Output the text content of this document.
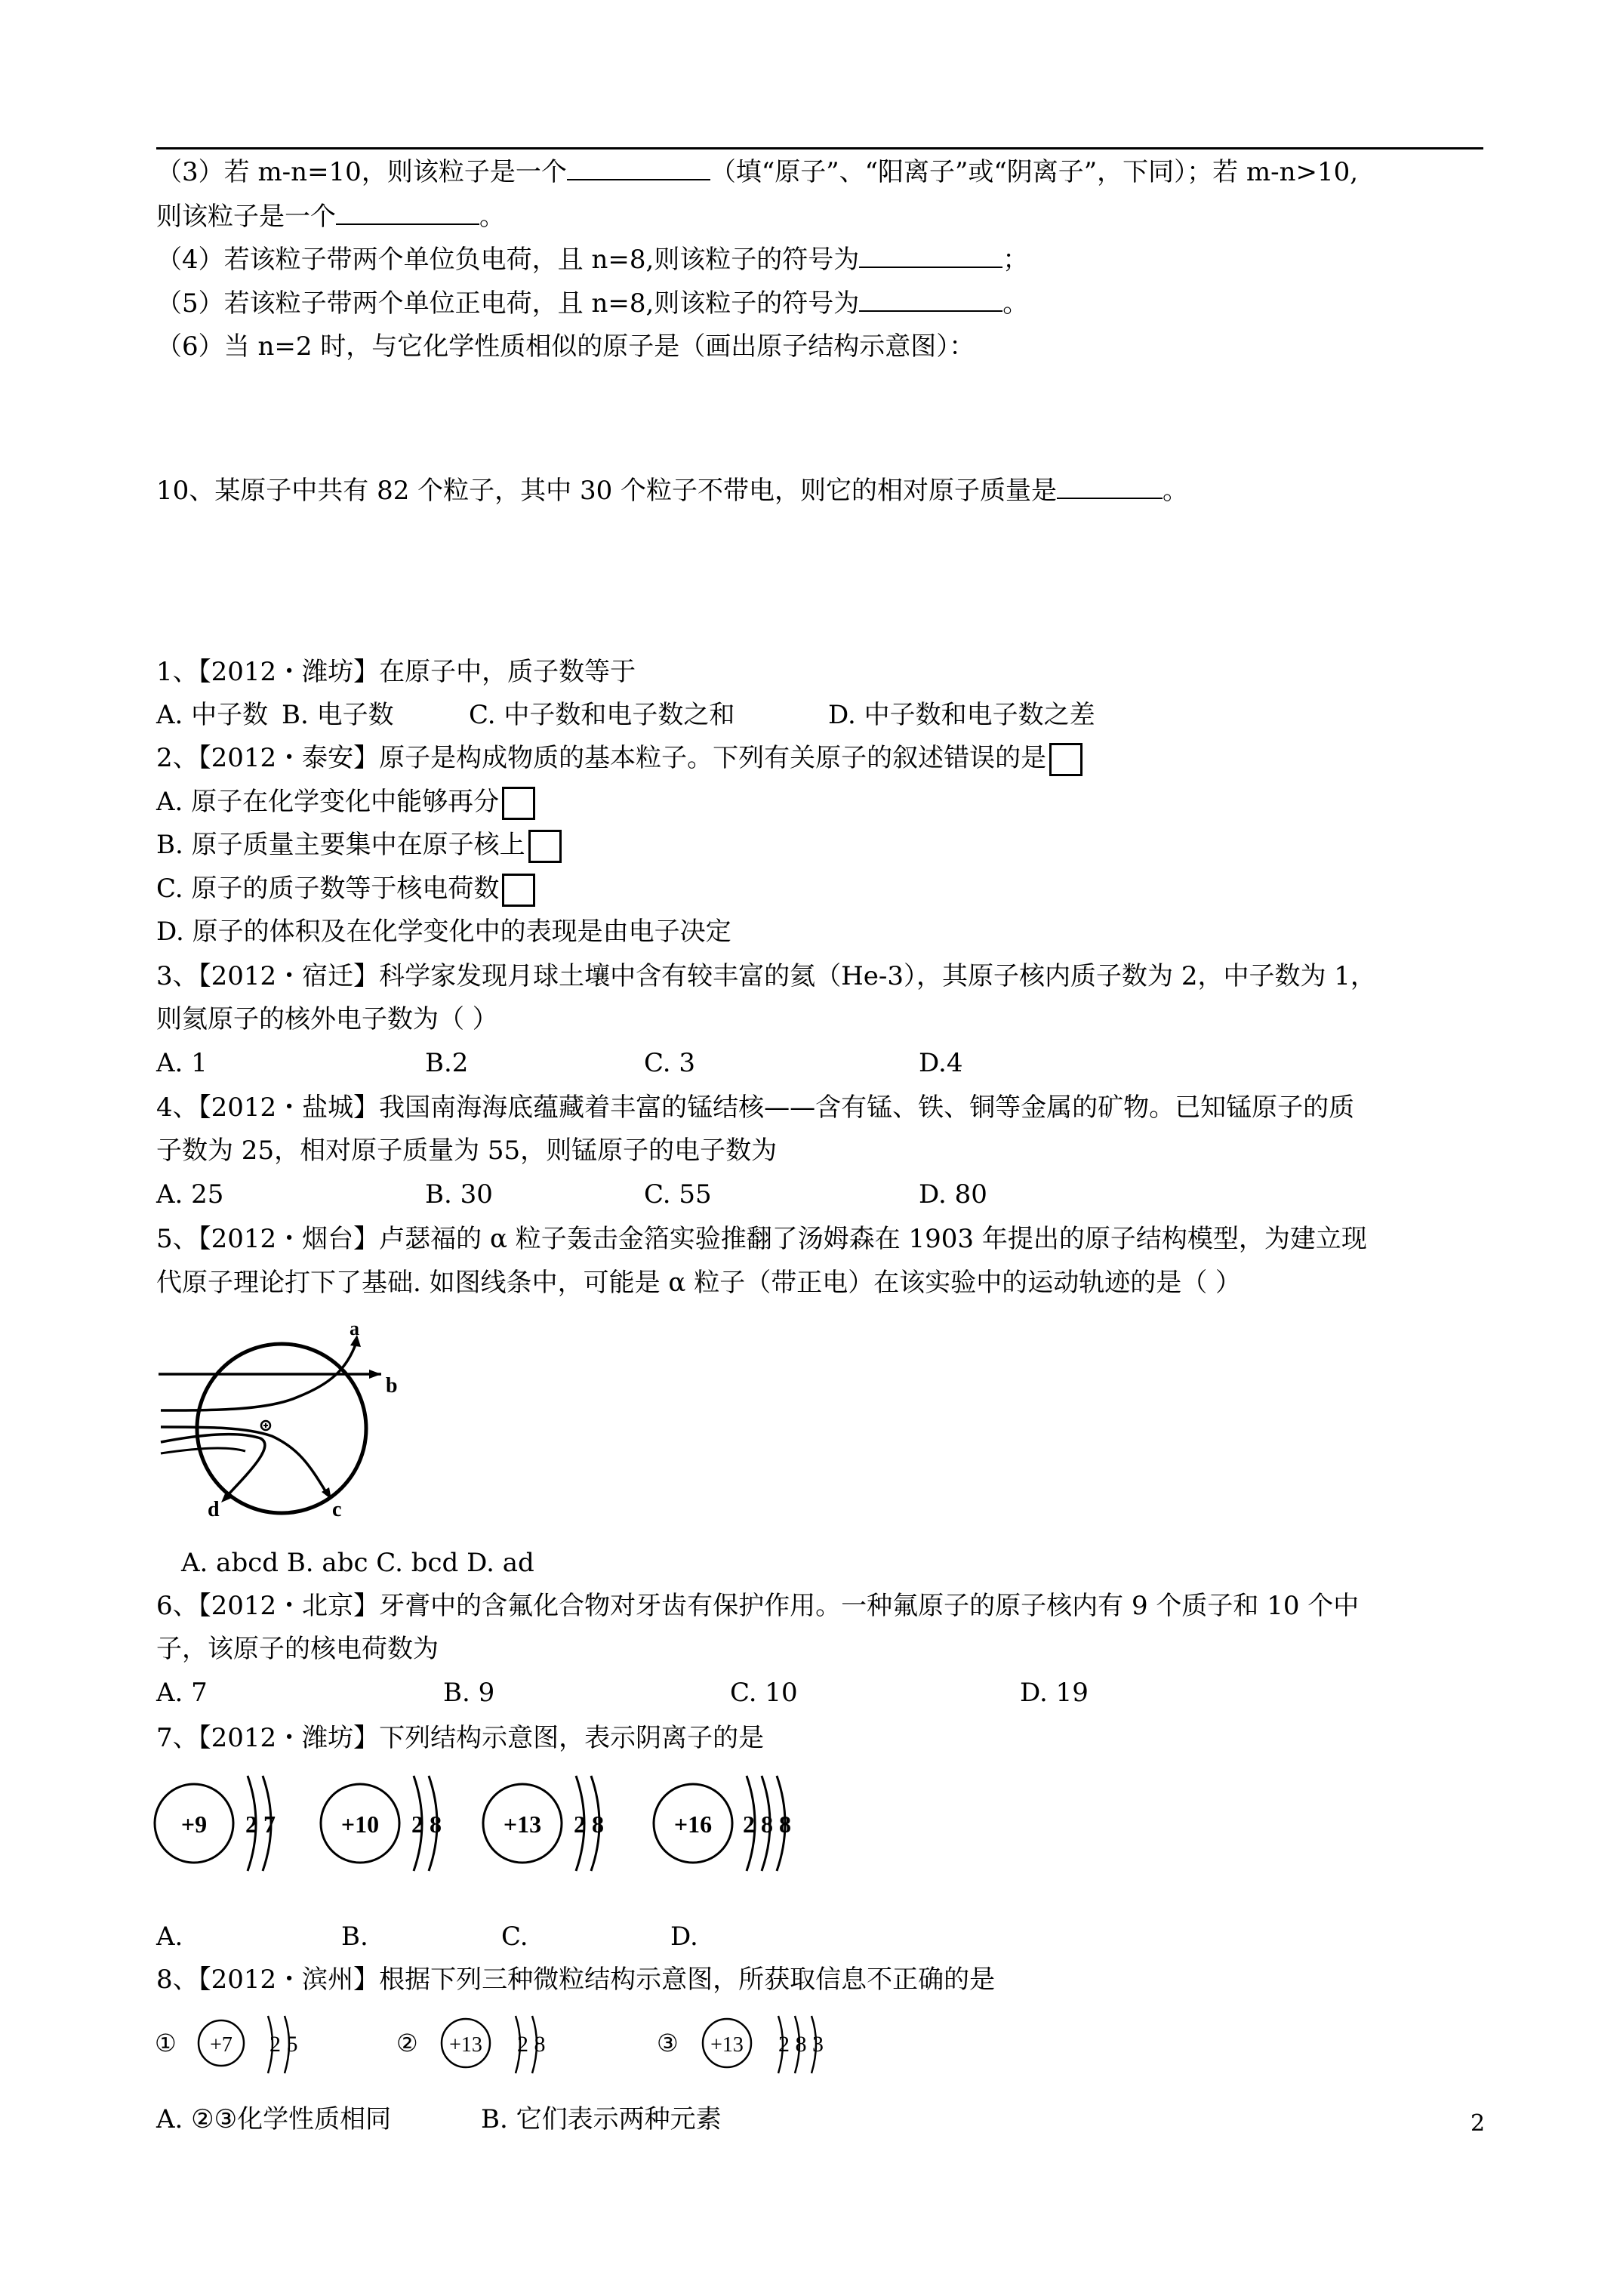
（3）若 m-n=10，则该粒子是一个	（填“原子”、“阳离子”或“阴离子”，下同）；若 m-n>10,
则该粒子是一个	。
（4）若该粒子带两个单位负电荷，且 n=8,则该粒子的符号为	；
（5）若该粒子带两个单位正电荷，且 n=8,则该粒子的符号为	。
（6）当 n=2 时，与它化学性质相似的原子是（画出原子结构示意图）：
10、某原子中共有 82 个粒子，其中 30 个粒子不带电，则它的相对原子质量是	。
1、【2012・潍坊】在原子中，质子数等于
A. 中子数 B. 电子数	C. 中子数和电子数之和	D. 中子数和电子数之差
2、【2012・泰安】原子是构成物质的基本粒子。下列有关原子的叙述错误的是
A. 原子在化学变化中能够再分
B. 原子质量主要集中在原子核上
C. 原子的质子数等于核电荷数
D. 原子的体积及在化学变化中的表现是由电子决定
3、【2012・宿迁】科学家发现月球土壤中含有较丰富的氦（He-3），其原子核内质子数为 2，中子数为 1，
则氦原子的核外电子数为（ ）
A. 1	B.2	C. 3	D.4
4、【2012・盐城】我国南海海底蕴藏着丰富的锰结核——含有锰、铁、铜等金属的矿物。已知锰原子的质
子数为 25，相对原子质量为 55，则锰原子的电子数为
A. 25	B. 30	C. 55	D. 80
5、【2012・烟台】卢瑟福的 α 粒子轰击金箔实验推翻了汤姆森在 1903 年提出的原子结构模型，为建立现
代原子理论打下了基础. 如图线条中，可能是 α 粒子（带正电）在该实验中的运动轨迹的是（ ）
a
b
c
d
A. abcd B. abc C. bcd D. ad
6、【2012・北京】牙膏中的含氟化合物对牙齿有保护作用。一种氟原子的原子核内有 9 个质子和 10 个中
子，该原子的核电荷数为
A. 7	B. 9	C. 10	D. 19
7、【2012・潍坊】下列结构示意图，表示阴离子的是
+9 2 7	+10 2 8	+13 2 8	+16 2 8 8
A.	B.	C.	D.
8、【2012・滨州】根据下列三种微粒结构示意图，所获取信息不正确的是
① +7 2 5	② +13 2 8	③ +13 2 8 3
A. ②③化学性质相同	B. 它们表示两种元素	2
